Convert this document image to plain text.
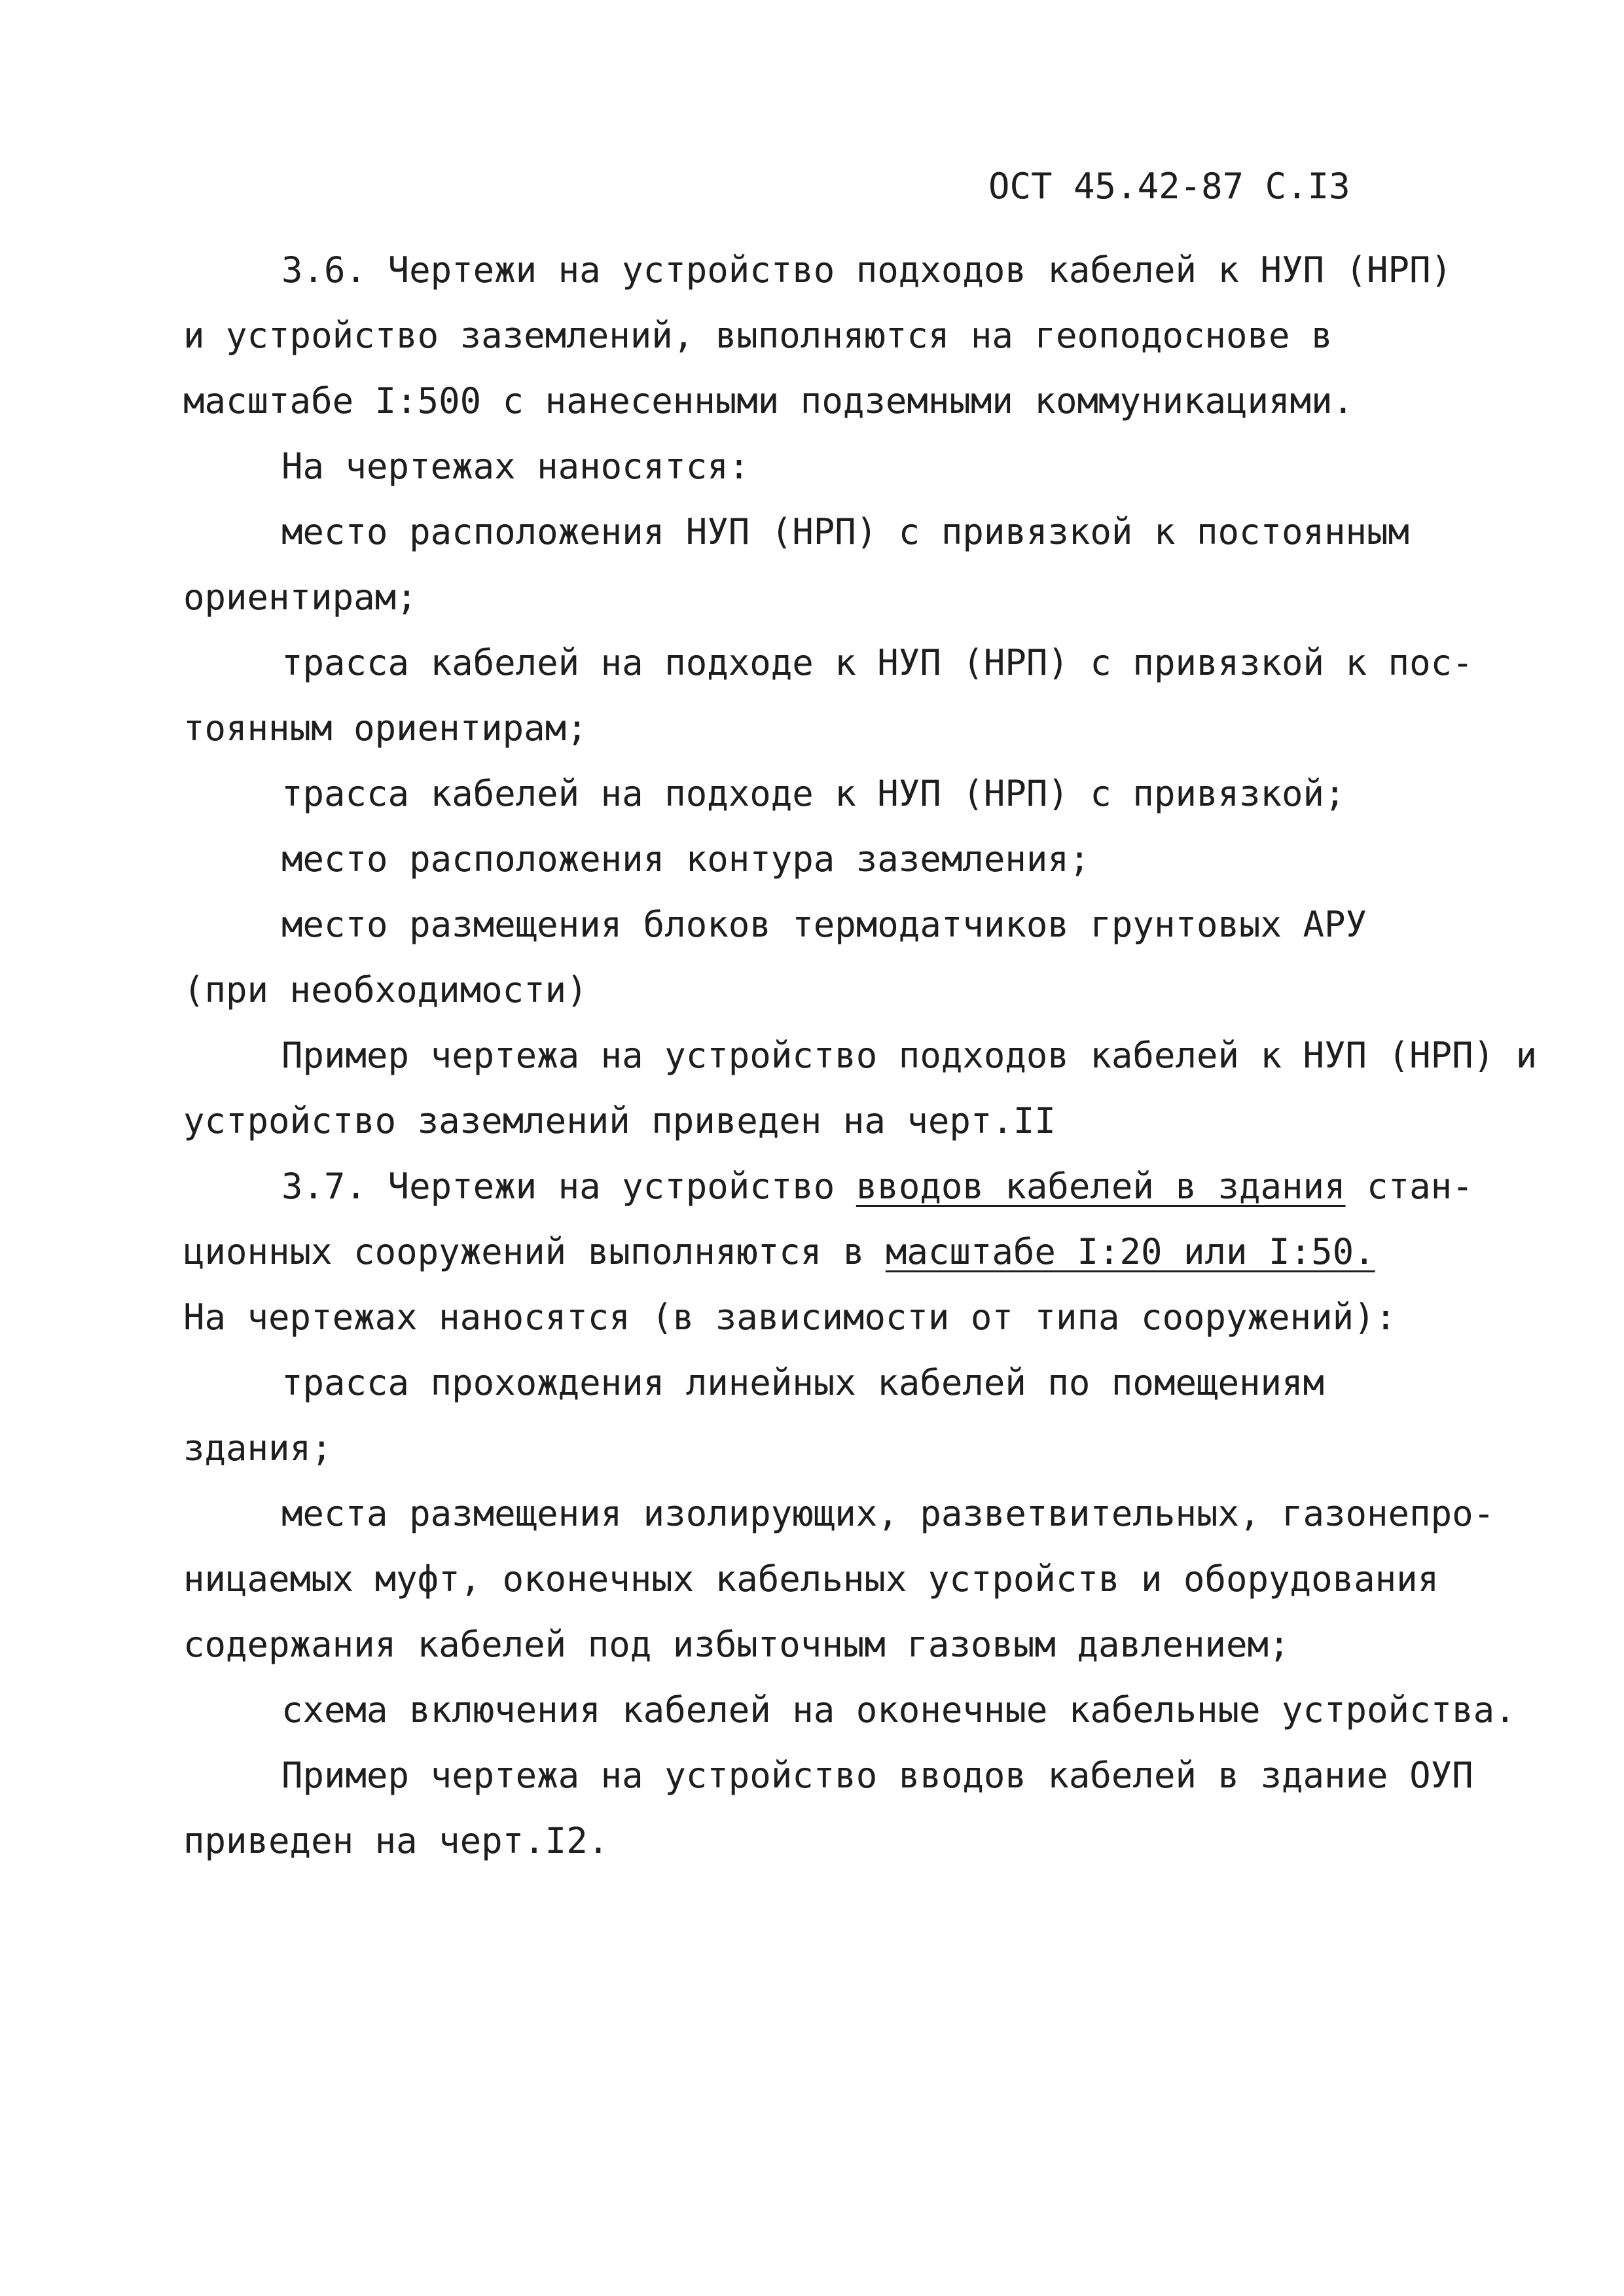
ОСТ 45.42-87 С.I3
3.6. Чертежи на устройство подходов кабелей к НУП (НРП)
и устройство заземлений, выполняются на геоподоснове в
масштабе I:500 с нанесенными подземными коммуникациями.
На чертежах наносятся:
место расположения НУП (НРП) с привязкой к постоянным
ориентирам;
трасса кабелей на подходе к НУП (НРП) с привязкой к пос-
тоянным ориентирам;
трасса кабелей на подходе к НУП (НРП) с привязкой;
место расположения контура заземления;
место размещения блоков термодатчиков грунтовых АРУ
(при необходимости)
Пример чертежа на устройство подходов кабелей к НУП (НРП) и
устройство заземлений приведен на черт.II
3.7. Чертежи на устройство вводов кабелей в здания стан-
ционных сооружений выполняются в масштабе I:20 или I:50.
На чертежах наносятся (в зависимости от типа сооружений):
трасса прохождения линейных кабелей по помещениям
здания;
места размещения изолирующих, разветвительных, газонепро-
ницаемых муфт, оконечных кабельных устройств и оборудования
содержания кабелей под избыточным газовым давлением;
схема включения кабелей на оконечные кабельные устройства.
Пример чертежа на устройство вводов кабелей в здание ОУП
приведен на черт.I2.
